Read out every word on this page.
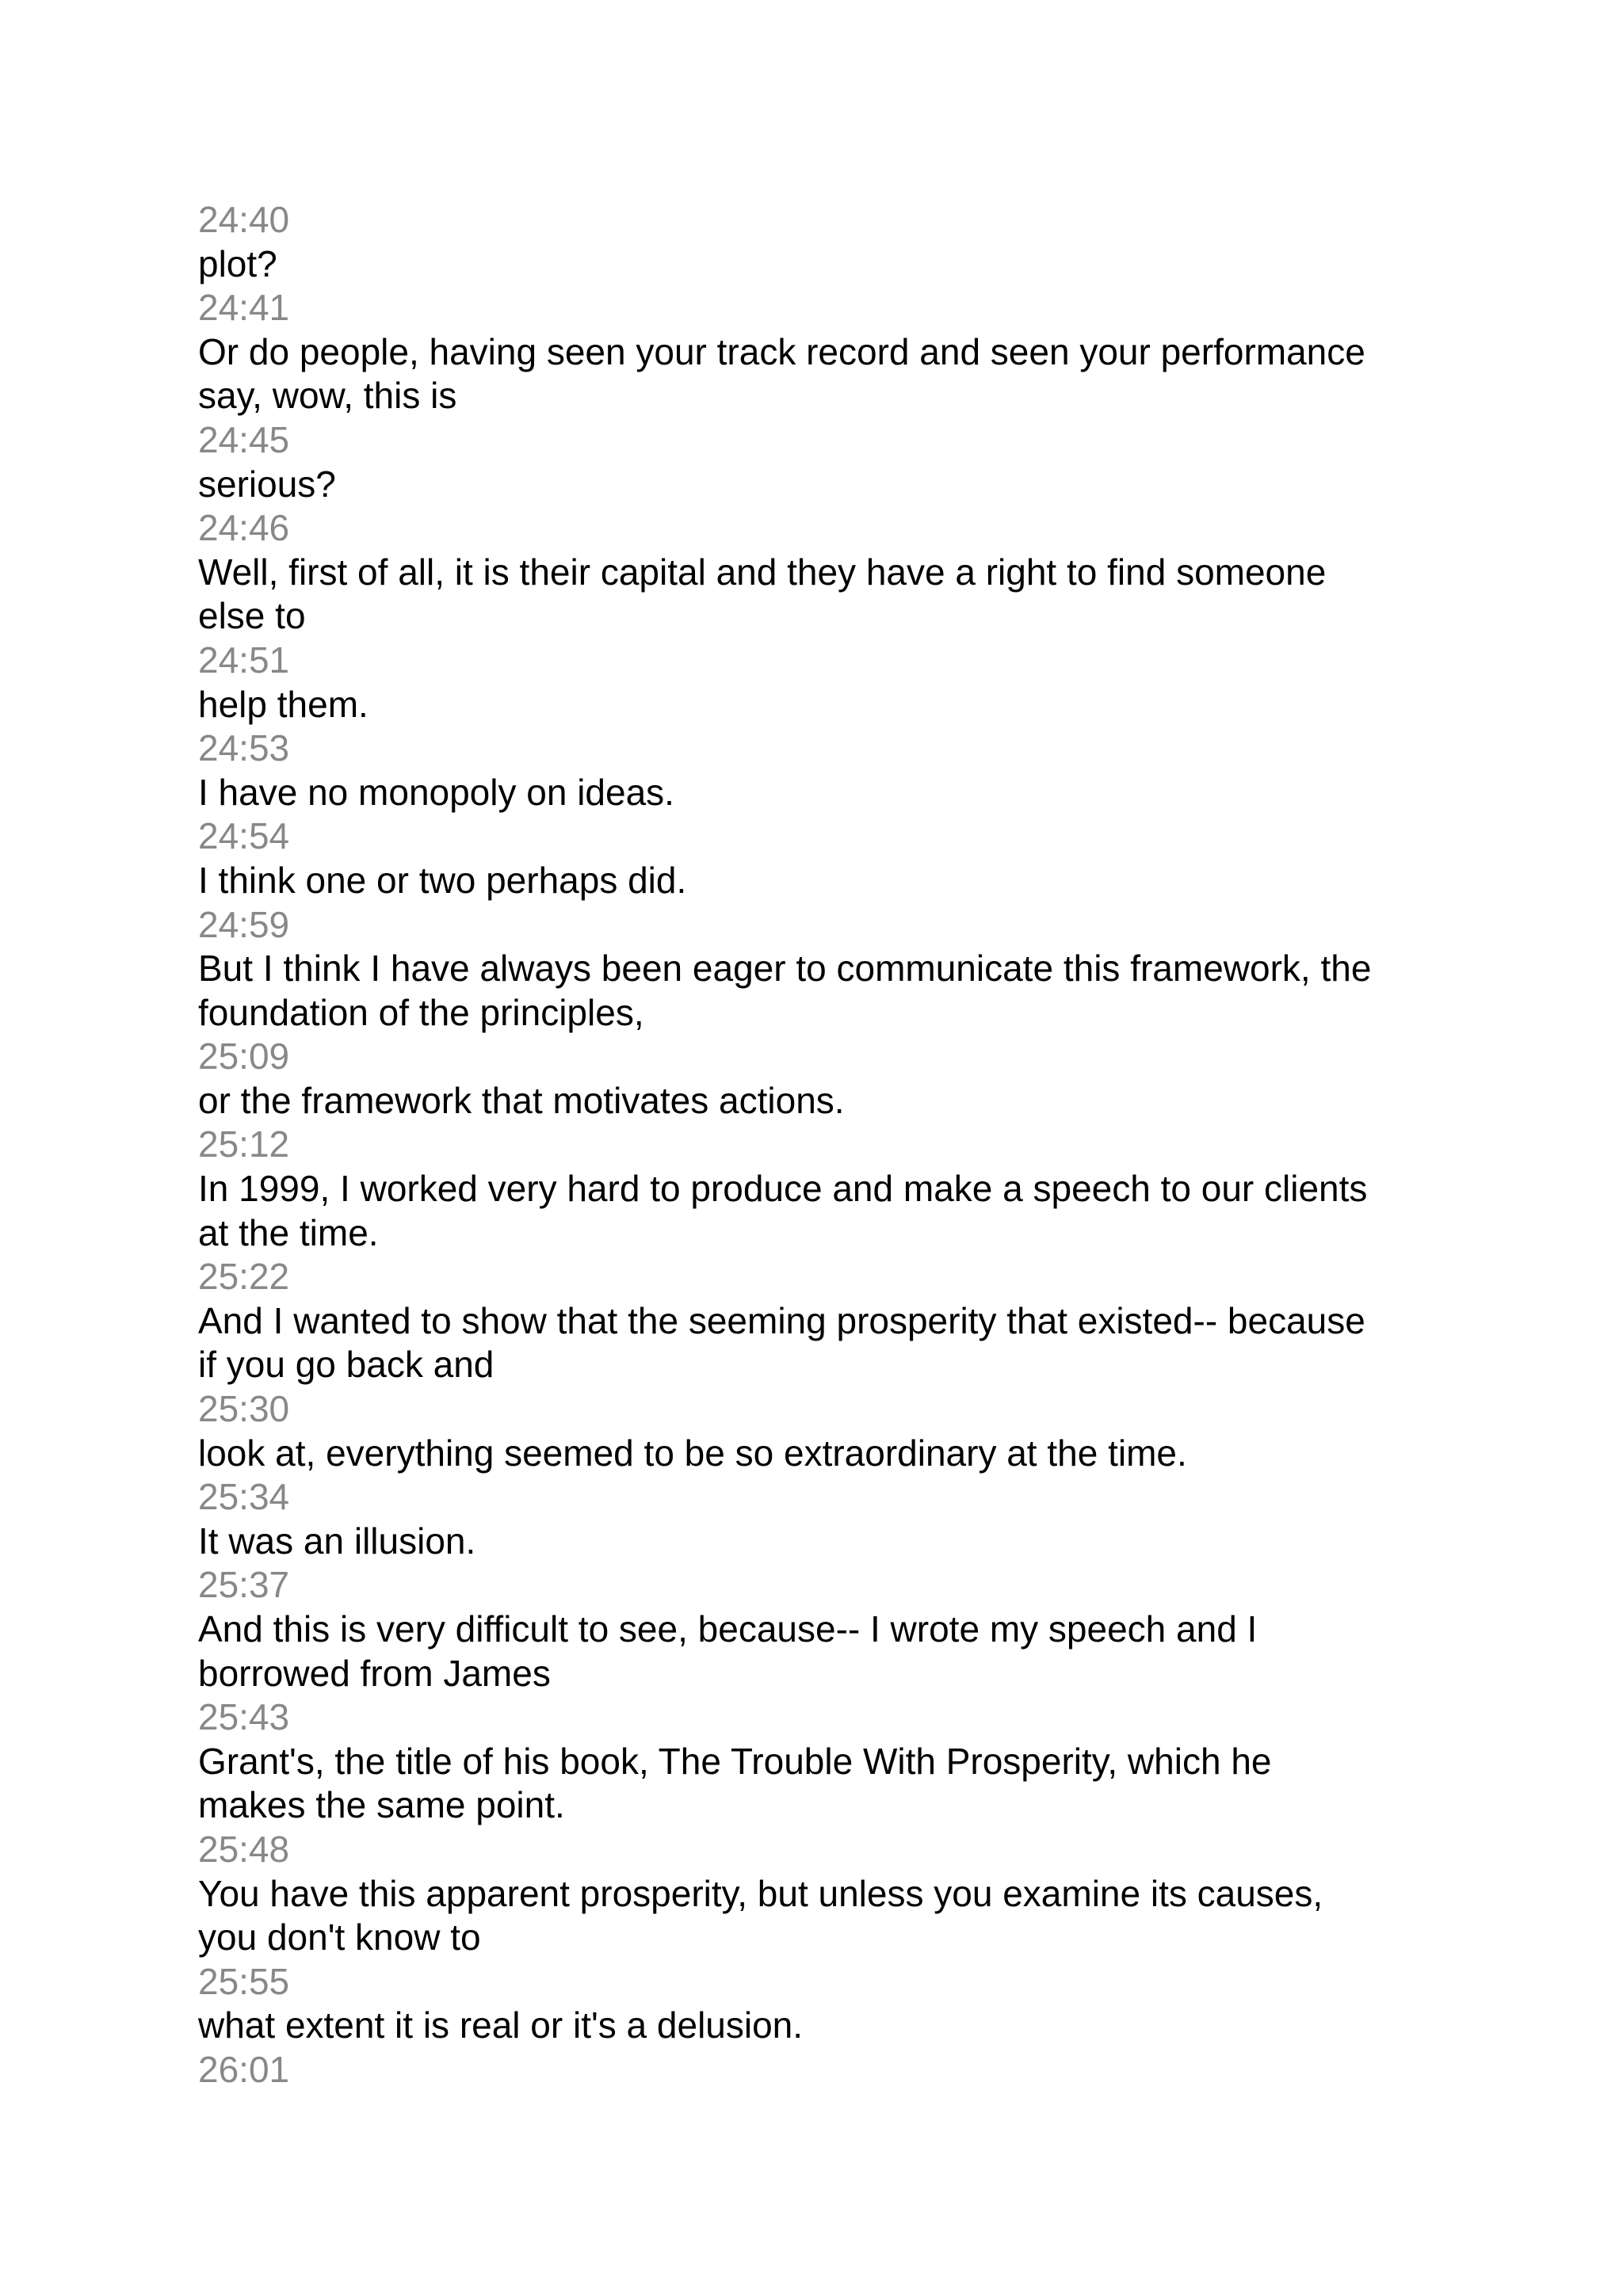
24:40
plot?
24:41
Or do people, having seen your track record and seen your performance
say, wow, this is
24:45
serious?
24:46
Well, first of all, it is their capital and they have a right to find someone
else to
24:51
help them.
24:53
I have no monopoly on ideas.
24:54
I think one or two perhaps did.
24:59
But I think I have always been eager to communicate this framework, the
foundation of the principles,
25:09
or the framework that motivates actions.
25:12
In 1999, I worked very hard to produce and make a speech to our clients
at the time.
25:22
And I wanted to show that the seeming prosperity that existed-- because
if you go back and
25:30
look at, everything seemed to be so extraordinary at the time.
25:34
It was an illusion.
25:37
And this is very difficult to see, because-- I wrote my speech and I
borrowed from James
25:43
Grant's, the title of his book, The Trouble With Prosperity, which he
makes the same point.
25:48
You have this apparent prosperity, but unless you examine its causes,
you don't know to
25:55
what extent it is real or it's a delusion.
26:01
